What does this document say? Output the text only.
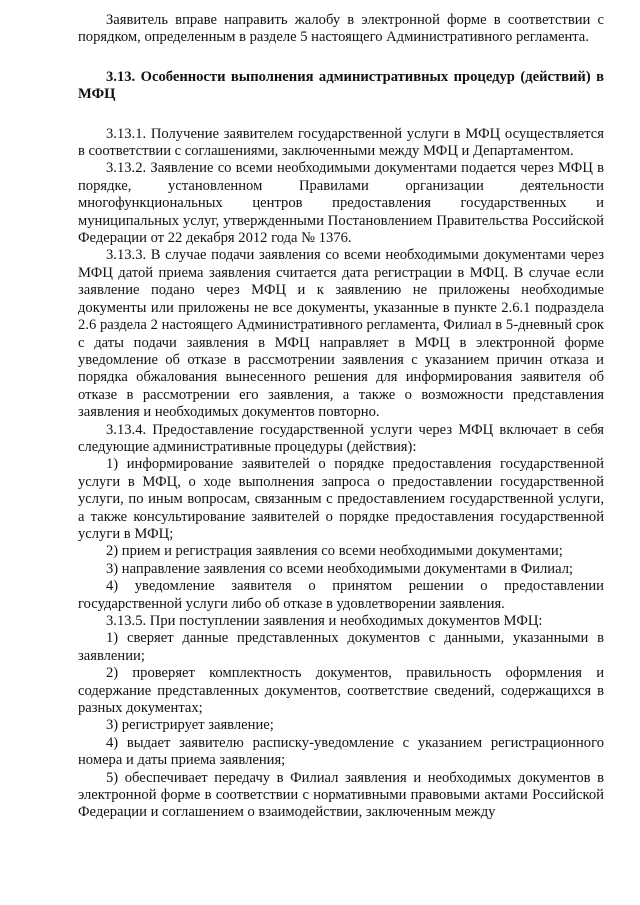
Заявитель вправе направить жалобу в электронной форме в соответствии с порядком, определенным в разделе 5 настоящего Административного регламента.

3.13. Особенности выполнения административных процедур (действий) в МФЦ

3.13.1. Получение заявителем государственной услуги в МФЦ осуществляется в соответствии с соглашениями, заключенными между МФЦ и Департаментом.

3.13.2. Заявление со всеми необходимыми документами подается через МФЦ в порядке, установленном Правилами организации деятельности многофункциональных центров предоставления государственных и муниципальных услуг, утвержденными Постановлением Правительства Российской Федерации от 22 декабря 2012 года № 1376.

3.13.3. В случае подачи заявления со всеми необходимыми документами через МФЦ датой приема заявления считается дата регистрации в МФЦ. В случае если заявление подано через МФЦ и к заявлению не приложены необходимые документы или приложены не все документы, указанные в пункте 2.6.1 подраздела 2.6 раздела 2 настоящего Административного регламента, Филиал в 5-дневный срок с даты подачи заявления в МФЦ направляет в МФЦ в электронной форме уведомление об отказе в рассмотрении заявления с указанием причин отказа и порядка обжалования вынесенного решения для информирования заявителя об отказе в рассмотрении его заявления, а также о возможности представления заявления и необходимых документов повторно.

3.13.4. Предоставление государственной услуги через МФЦ включает в себя следующие административные процедуры (действия):

1) информирование заявителей о порядке предоставления государственной услуги в МФЦ, о ходе выполнения запроса о предоставлении государственной услуги, по иным вопросам, связанным с предоставлением государственной услуги, а также консультирование заявителей о порядке предоставления государственной услуги в МФЦ;

2) прием и регистрация заявления со всеми необходимыми документами;

3) направление заявления со всеми необходимыми документами в Филиал;

4) уведомление заявителя о принятом решении о предоставлении государственной услуги либо об отказе в удовлетворении заявления.

3.13.5. При поступлении заявления и необходимых документов МФЦ:

1) сверяет данные представленных документов с данными, указанными в заявлении;

2) проверяет комплектность документов, правильность оформления и содержание представленных документов, соответствие сведений, содержащихся в разных документах;

3) регистрирует заявление;

4) выдает заявителю расписку-уведомление с указанием регистрационного номера и даты приема заявления;

5) обеспечивает передачу в Филиал заявления и необходимых документов в электронной форме в соответствии с нормативными правовыми актами Российской Федерации и соглашением о взаимодействии, заключенным между
